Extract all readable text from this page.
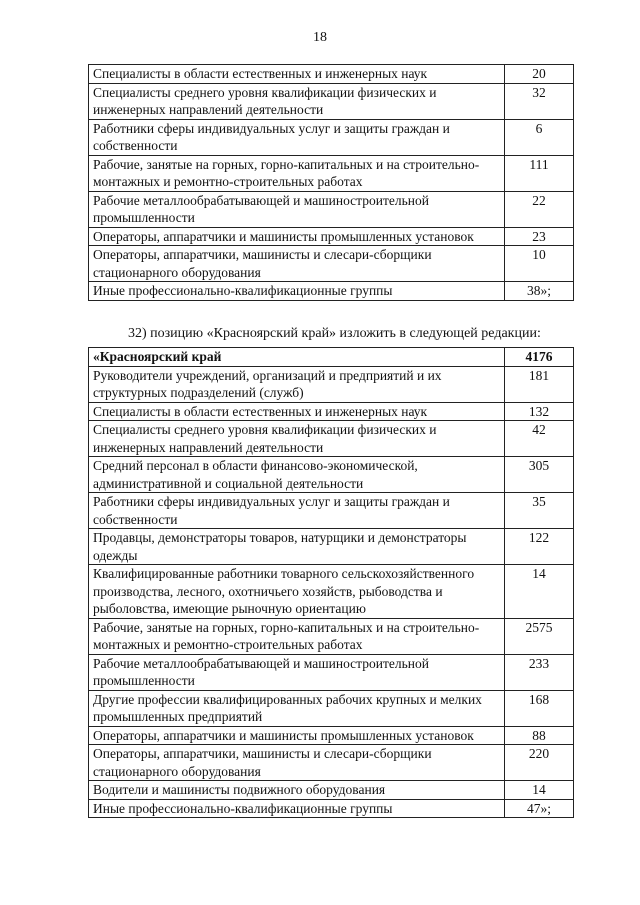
18
Специалисты в области естественных и инженерных наук	20
Специалисты среднего уровня квалификации физических и инженерных направлений деятельности	32
Работники сферы индивидуальных услуг и защиты граждан и собственности	6
Рабочие, занятые на горных, горно-капитальных и на строительно-монтажных и ремонтно-строительных работах	111
Рабочие металлообрабатывающей и машиностроительной промышленности	22
Операторы, аппаратчики и машинисты промышленных установок	23
Операторы, аппаратчики, машинисты и слесари-сборщики стационарного оборудования	10
Иные профессионально-квалификационные группы	38»;
32) позицию «Красноярский край» изложить в следующей редакции:
«Красноярский край	4176
Руководители учреждений, организаций и предприятий и их структурных подразделений (служб)	181
Специалисты в области естественных и инженерных наук	132
Специалисты среднего уровня квалификации физических и инженерных направлений деятельности	42
Средний персонал в области финансово-экономической, административной и социальной деятельности	305
Работники сферы индивидуальных услуг и защиты граждан и собственности	35
Продавцы, демонстраторы товаров, натурщики и демонстраторы одежды	122
Квалифицированные работники товарного сельскохозяйственного производства, лесного, охотничьего хозяйств, рыбоводства и рыболовства, имеющие рыночную ориентацию	14
Рабочие, занятые на горных, горно-капитальных и на строительно-монтажных и ремонтно-строительных работах	2575
Рабочие металлообрабатывающей и машиностроительной промышленности	233
Другие профессии квалифицированных рабочих крупных и мелких промышленных предприятий	168
Операторы, аппаратчики и машинисты промышленных установок	88
Операторы, аппаратчики, машинисты и слесари-сборщики стационарного оборудования	220
Водители и машинисты подвижного оборудования	14
Иные профессионально-квалификационные группы	47»;
